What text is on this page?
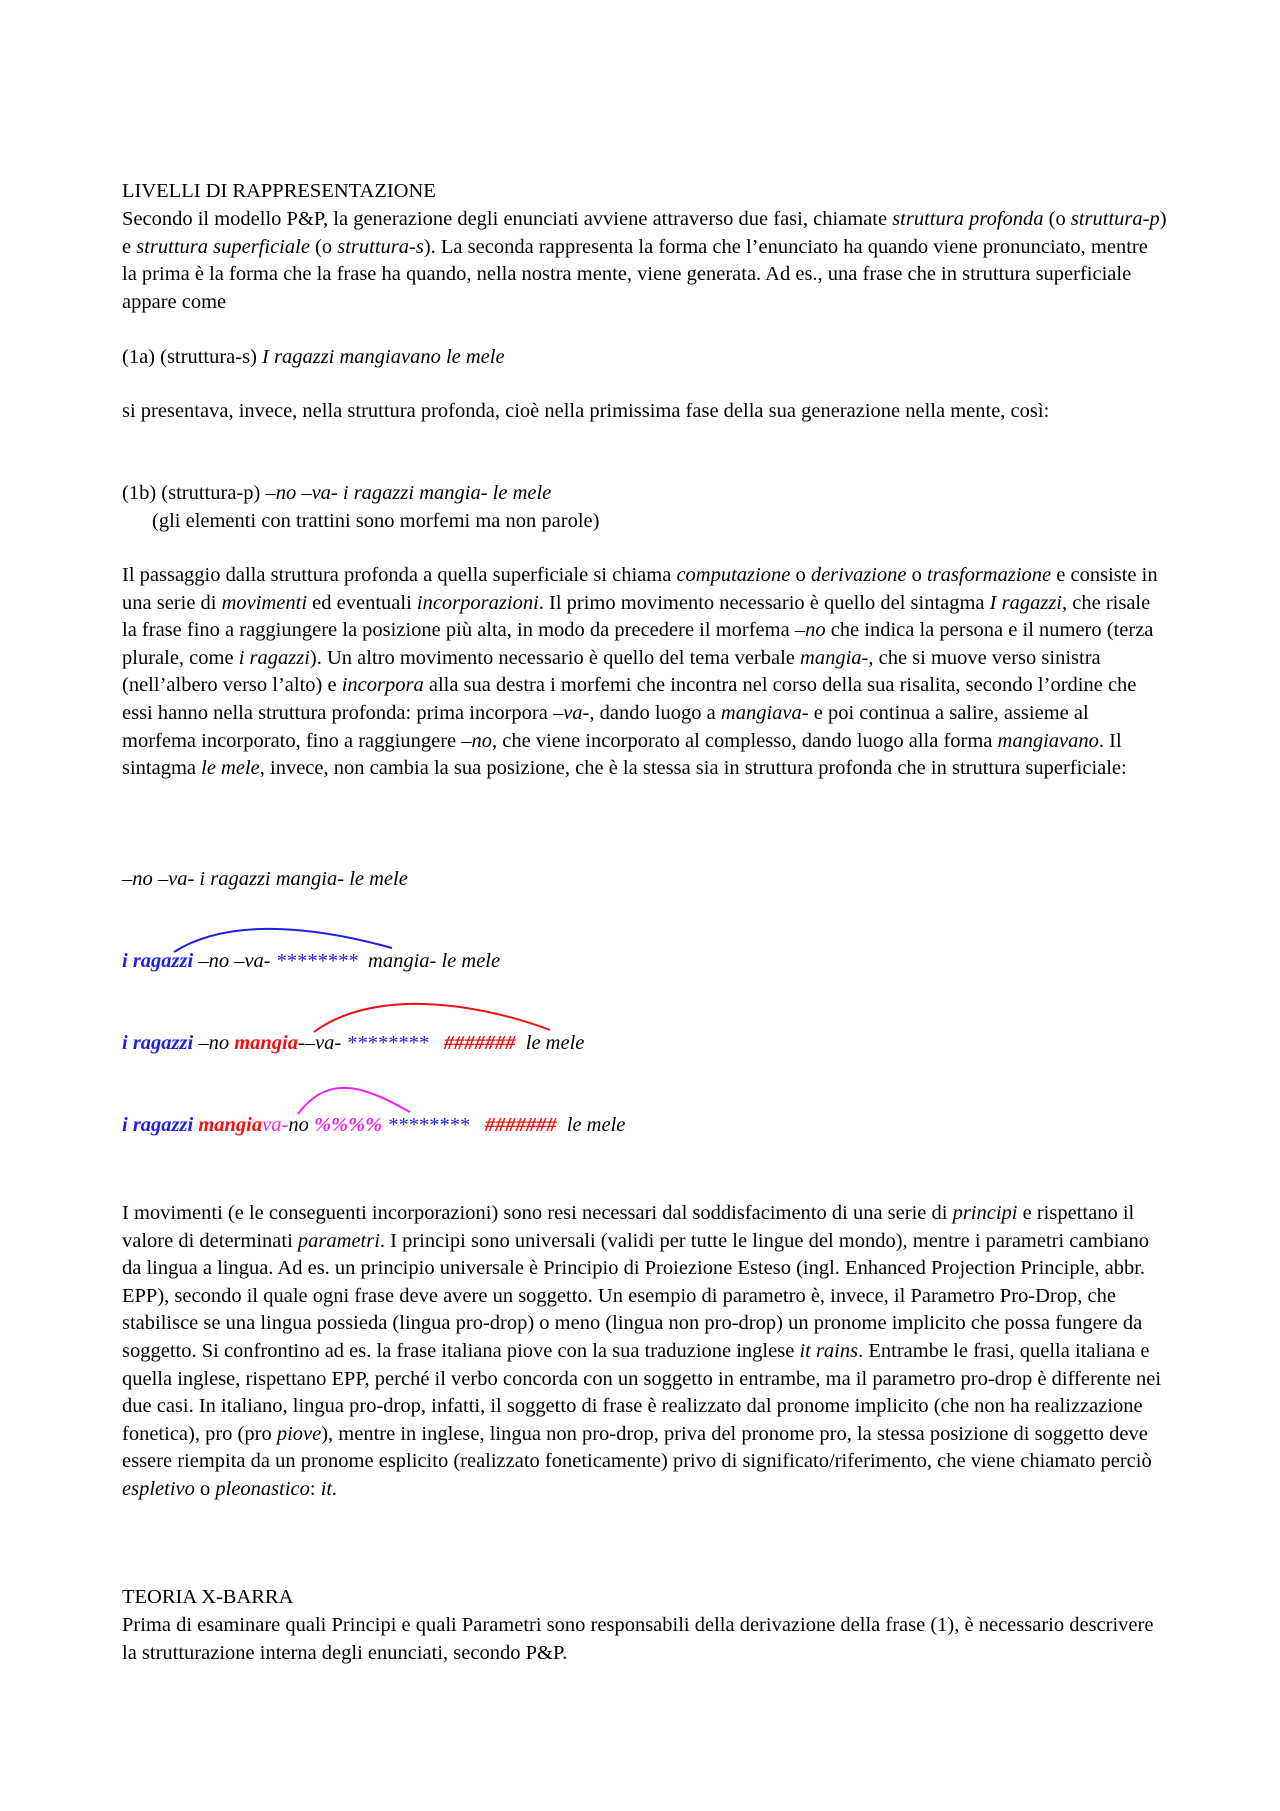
LIVELLI DI RAPPRESENTAZIONE

Secondo il modello P&P, la generazione degli enunciati avviene attraverso due fasi, chiamate struttura profonda (o struttura-p) e struttura superficiale (o struttura-s). La seconda rappresenta la forma che l’enunciato ha quando viene pronunciato, mentre la prima è la forma che la frase ha quando, nella nostra mente, viene generata. Ad es., una frase che in struttura superficiale appare come

(1a) (struttura-s) I ragazzi mangiavano le mele

si presentava, invece, nella struttura profonda, cioè nella primissima fase della sua generazione nella mente, così:

(1b) (struttura-p) –no –va- i ragazzi mangia- le mele

(gli elementi con trattini sono morfemi ma non parole)

Il passaggio dalla struttura profonda a quella superficiale si chiama computazione o derivazione o trasformazione e consiste in una serie di movimenti ed eventuali incorporazioni. Il primo movimento necessario è quello del sintagma I ragazzi, che risale la frase fino a raggiungere la posizione più alta, in modo da precedere il morfema –no che indica la persona e il numero (terza plurale, come i ragazzi). Un altro movimento necessario è quello del tema verbale mangia-, che si muove verso sinistra (nell’albero verso l’alto) e incorpora alla sua destra i morfemi che incontra nel corso della sua risalita, secondo l’ordine che essi hanno nella struttura profonda: prima incorpora –va-, dando luogo a mangiava- e poi continua a salire, assieme al morfema incorporato, fino a raggiungere –no, che viene incorporato al complesso, dando luogo alla forma mangiavano. Il sintagma le mele, invece, non cambia la sua posizione, che è la stessa sia in struttura profonda che in struttura superficiale:

–no –va- i ragazzi mangia- le mele
i ragazzi –no –va- ********  mangia- le mele
i ragazzi –no mangia-–va- ******** #######  le mele
i ragazzi mangiava-no %%%% ******** #######  le mele

I movimenti (e le conseguenti incorporazioni) sono resi necessari dal soddisfacimento di una serie di principi e rispettano il valore di determinati parametri. I principi sono universali (validi per tutte le lingue del mondo), mentre i parametri cambiano da lingua a lingua. Ad es. un principio universale è Principio di Proiezione Esteso (ingl. Enhanced Projection Principle, abbr. EPP), secondo il quale ogni frase deve avere un soggetto. Un esempio di parametro è, invece, il Parametro Pro-Drop, che stabilisce se una lingua possieda (lingua pro-drop) o meno (lingua non pro-drop) un pronome implicito che possa fungere da soggetto. Si confrontino ad es. la frase italiana piove con la sua traduzione inglese it rains. Entrambe le frasi, quella italiana e quella inglese, rispettano EPP, perché il verbo concorda con un soggetto in entrambe, ma il parametro pro-drop è differente nei due casi. In italiano, lingua pro-drop, infatti, il soggetto di frase è realizzato dal pronome implicito (che non ha realizzazione fonetica), pro (pro piove), mentre in inglese, lingua non pro-drop, priva del pronome pro, la stessa posizione di soggetto deve essere riempita da un pronome esplicito (realizzato foneticamente) privo di significato/riferimento, che viene chiamato perciò espletivo o pleonastico: it.

TEORIA X-BARRA

Prima di esaminare quali Principi e quali Parametri sono responsabili della derivazione della frase (1), è necessario descrivere la strutturazione interna degli enunciati, secondo P&P.
